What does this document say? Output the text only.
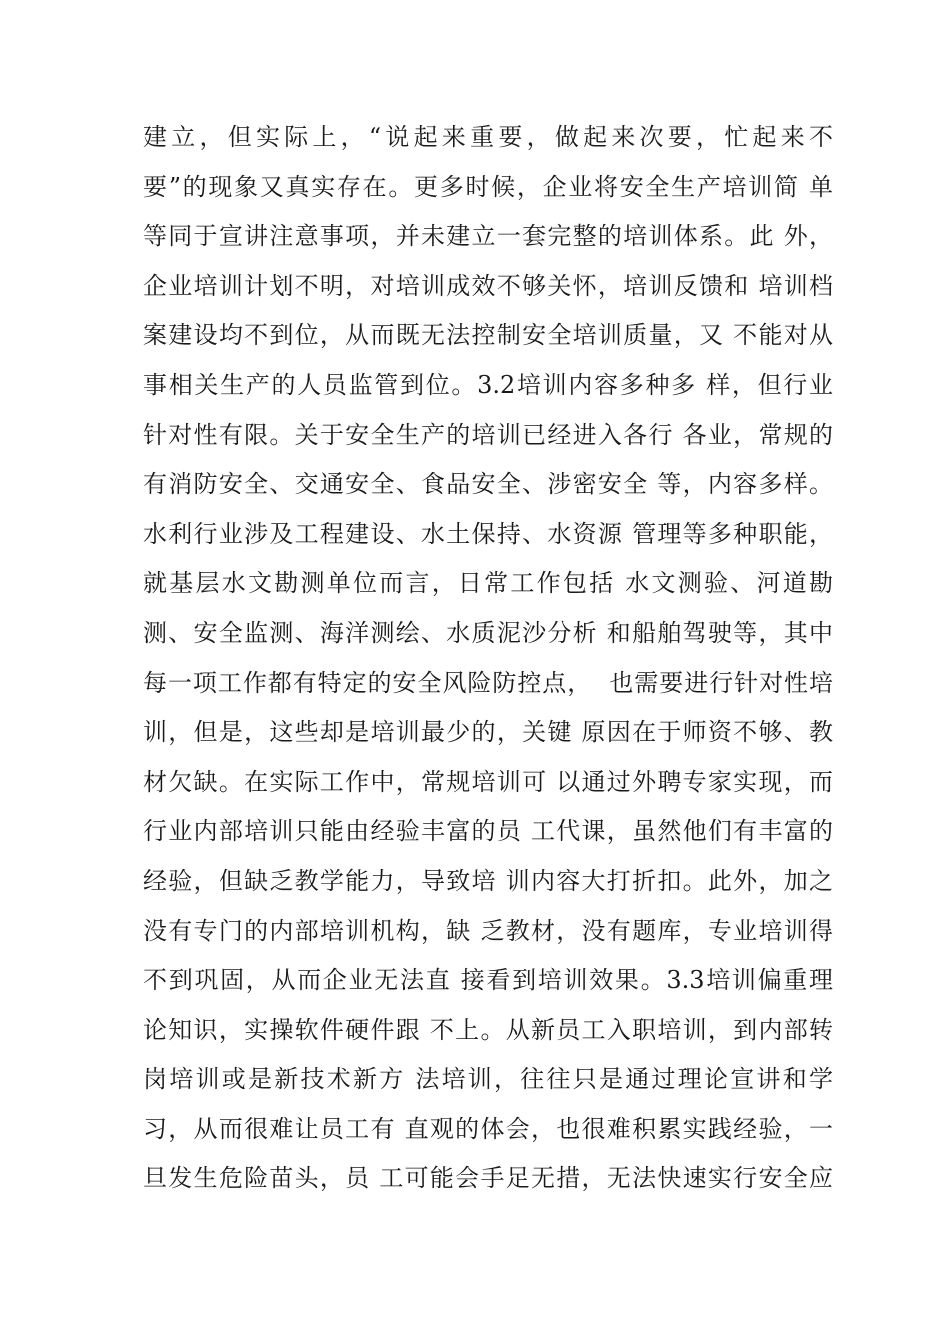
建立，但实际上，“说起来重要，做起来次要，忙起来不
要”的现象又真实存在。更多时候，企业将安全生产培训简 单
等同于宣讲注意事项，并未建立一套完整的培训体系。此 外，
企业培训计划不明，对培训成效不够关怀，培训反馈和 培训档
案建设均不到位，从而既无法控制安全培训质量，又 不能对从
事相关生产的人员监管到位。3.2培训内容多种多 样，但行业
针对性有限。关于安全生产的培训已经进入各行 各业，常规的
有消防安全、交通安全、食品安全、涉密安全 等，内容多样。
水利行业涉及工程建设、水土保持、水资源 管理等多种职能，
就基层水文勘测单位而言，日常工作包括 水文测验、河道勘
测、安全监测、海洋测绘、水质泥沙分析 和船舶驾驶等，其中
每一项工作都有特定的安全风险防控点，  也需要进行针对性培
训，但是，这些却是培训最少的，关键 原因在于师资不够、教
材欠缺。在实际工作中，常规培训可 以通过外聘专家实现，而
行业内部培训只能由经验丰富的员 工代课，虽然他们有丰富的
经验，但缺乏教学能力，导致培 训内容大打折扣。此外，加之
没有专门的内部培训机构，缺 乏教材，没有题库，专业培训得
不到巩固，从而企业无法直 接看到培训效果。3.3培训偏重理
论知识，实操软件硬件跟 不上。从新员工入职培训，到内部转
岗培训或是新技术新方 法培训，往往只是通过理论宣讲和学
习，从而很难让员工有 直观的体会，也很难积累实践经验，一
旦发生危险苗头，员 工可能会手足无措，无法快速实行安全应
